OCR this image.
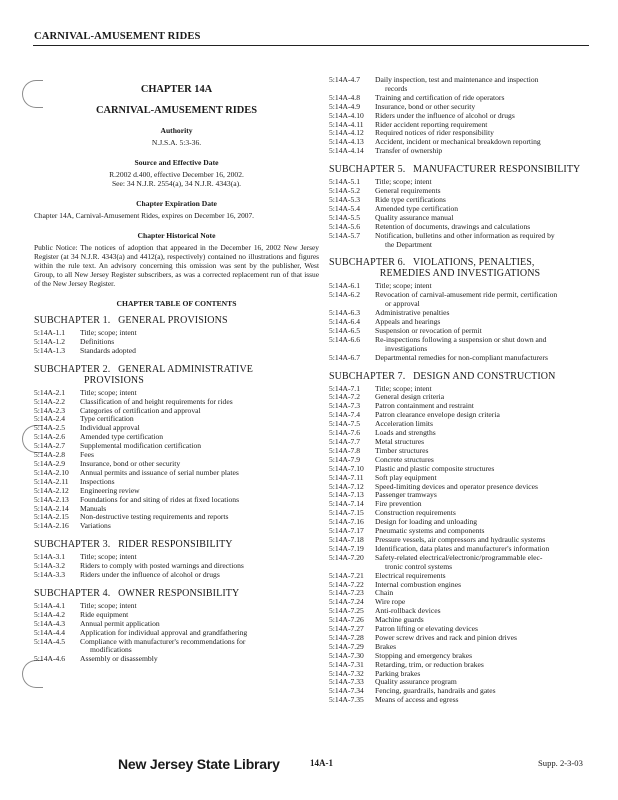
CARNIVAL-AMUSEMENT RIDES
CHAPTER 14A
CARNIVAL-AMUSEMENT RIDES
Authority
N.J.S.A. 5:3-36.
Source and Effective Date
R.2002 d.400, effective December 16, 2002.
See: 34 N.J.R. 2554(a), 34 N.J.R. 4343(a).
Chapter Expiration Date

Chapter 14A, Carnival-Amusement Rides, expires on December 16, 2007.

Chapter Historical Note

Public Notice: The notices of adoption that appeared in the December 16, 2002 New Jersey Register (at 34 N.J.R. 4343(a) and 4412(a), respectively) contained no illustrations and figures within the rule text. An advisory concerning this omission was sent by the publisher, West Group, to all New Jersey Register subscribers, as was a corrected replacement run of that issue of the New Jersey Register.

CHAPTER TABLE OF CONTENTS
SUBCHAPTER 1.   GENERAL PROVISIONS
5:14A-1.1	Title; scope; intent
5:14A-1.2	Definitions
5:14A-1.3	Standards adopted
SUBCHAPTER 2.   GENERAL ADMINISTRATIVE
PROVISIONS
5:14A-2.1	Title; scope; intent
5:14A-2.2	Classification of and height requirements for rides
5:14A-2.3	Categories of certification and approval
5:14A-2.4	Type certification
5:14A-2.5	Individual approval
5:14A-2.6	Amended type certification
5:14A-2.7	Supplemental modification certification
5:14A-2.8	Fees
5:14A-2.9	Insurance, bond or other security
5:14A-2.10	Annual permits and issuance of serial number plates
5:14A-2.11	Inspections
5:14A-2.12	Engineering review
5:14A-2.13	Foundations for and siting of rides at fixed locations
5:14A-2.14	Manuals
5:14A-2.15	Non-destructive testing requirements and reports
5:14A-2.16	Variations
SUBCHAPTER 3.   RIDER RESPONSIBILITY
5:14A-3.1	Title; scope; intent
5:14A-3.2	Riders to comply with posted warnings and directions
5:14A-3.3	Riders under the influence of alcohol or drugs
SUBCHAPTER 4.   OWNER RESPONSIBILITY
5:14A-4.1	Title; scope; intent
5:14A-4.2	Ride equipment
5:14A-4.3	Annual permit application
5:14A-4.4	Application for individual approval and grandfathering
5:14A-4.5	Compliance with manufacturer's recommendations for
modifications
5:14A-4.6	Assembly or disassembly
5:14A-4.7	Daily inspection, test and maintenance and inspection
records
5:14A-4.8	Training and certification of ride operators
5:14A-4.9	Insurance, bond or other security
5:14A-4.10	Riders under the influence of alcohol or drugs
5:14A-4.11	Rider accident reporting requirement
5:14A-4.12	Required notices of rider responsibility
5:14A-4.13	Accident, incident or mechanical breakdown reporting
5:14A-4.14	Transfer of ownership
SUBCHAPTER 5.   MANUFACTURER RESPONSIBILITY
5:14A-5.1	Title; scope; intent
5:14A-5.2	General requirements
5:14A-5.3	Ride type certifications
5:14A-5.4	Amended type certification
5:14A-5.5	Quality assurance manual
5:14A-5.6	Retention of documents, drawings and calculations
5:14A-5.7	Notification, bulletins and other information as required by
the Department
SUBCHAPTER 6.   VIOLATIONS, PENALTIES,
REMEDIES AND INVESTIGATIONS
5:14A-6.1	Title; scope; intent
5:14A-6.2	Revocation of carnival-amusement ride permit, certification
or approval
5:14A-6.3	Administrative penalties
5:14A-6.4	Appeals and hearings
5:14A-6.5	Suspension or revocation of permit
5:14A-6.6	Re-inspections following a suspension or shut down and
investigations
5:14A-6.7	Departmental remedies for non-compliant manufacturers
SUBCHAPTER 7.   DESIGN AND CONSTRUCTION
5:14A-7.1	Title; scope; intent
5:14A-7.2	General design criteria
5:14A-7.3	Patron containment and restraint
5:14A-7.4	Patron clearance envelope design criteria
5:14A-7.5	Acceleration limits
5:14A-7.6	Loads and strengths
5:14A-7.7	Metal structures
5:14A-7.8	Timber structures
5:14A-7.9	Concrete structures
5:14A-7.10	Plastic and plastic composite structures
5:14A-7.11	Soft play equipment
5:14A-7.12	Speed-limiting devices and operator presence devices
5:14A-7.13	Passenger tramways
5:14A-7.14	Fire prevention
5:14A-7.15	Construction requirements
5:14A-7.16	Design for loading and unloading
5:14A-7.17	Pneumatic systems and components
5:14A-7.18	Pressure vessels, air compressors and hydraulic systems
5:14A-7.19	Identification, data plates and manufacturer's information
5:14A-7.20	Safety-related electrical/electronic/programmable elec-
tronic control systems
5:14A-7.21	Electrical requirements
5:14A-7.22	Internal combustion engines
5:14A-7.23	Chain
5:14A-7.24	Wire rope
5:14A-7.25	Anti-rollback devices
5:14A-7.26	Machine guards
5:14A-7.27	Patron lifting or elevating devices
5:14A-7.28	Power screw drives and rack and pinion drives
5:14A-7.29	Brakes
5:14A-7.30	Stopping and emergency brakes
5:14A-7.31	Retarding, trim, or reduction brakes
5:14A-7.32	Parking brakes
5:14A-7.33	Quality assurance program
5:14A-7.34	Fencing, guardrails, handrails and gates
5:14A-7.35	Means of access and egress
New Jersey State Library	14A-1	Supp. 2-3-03
